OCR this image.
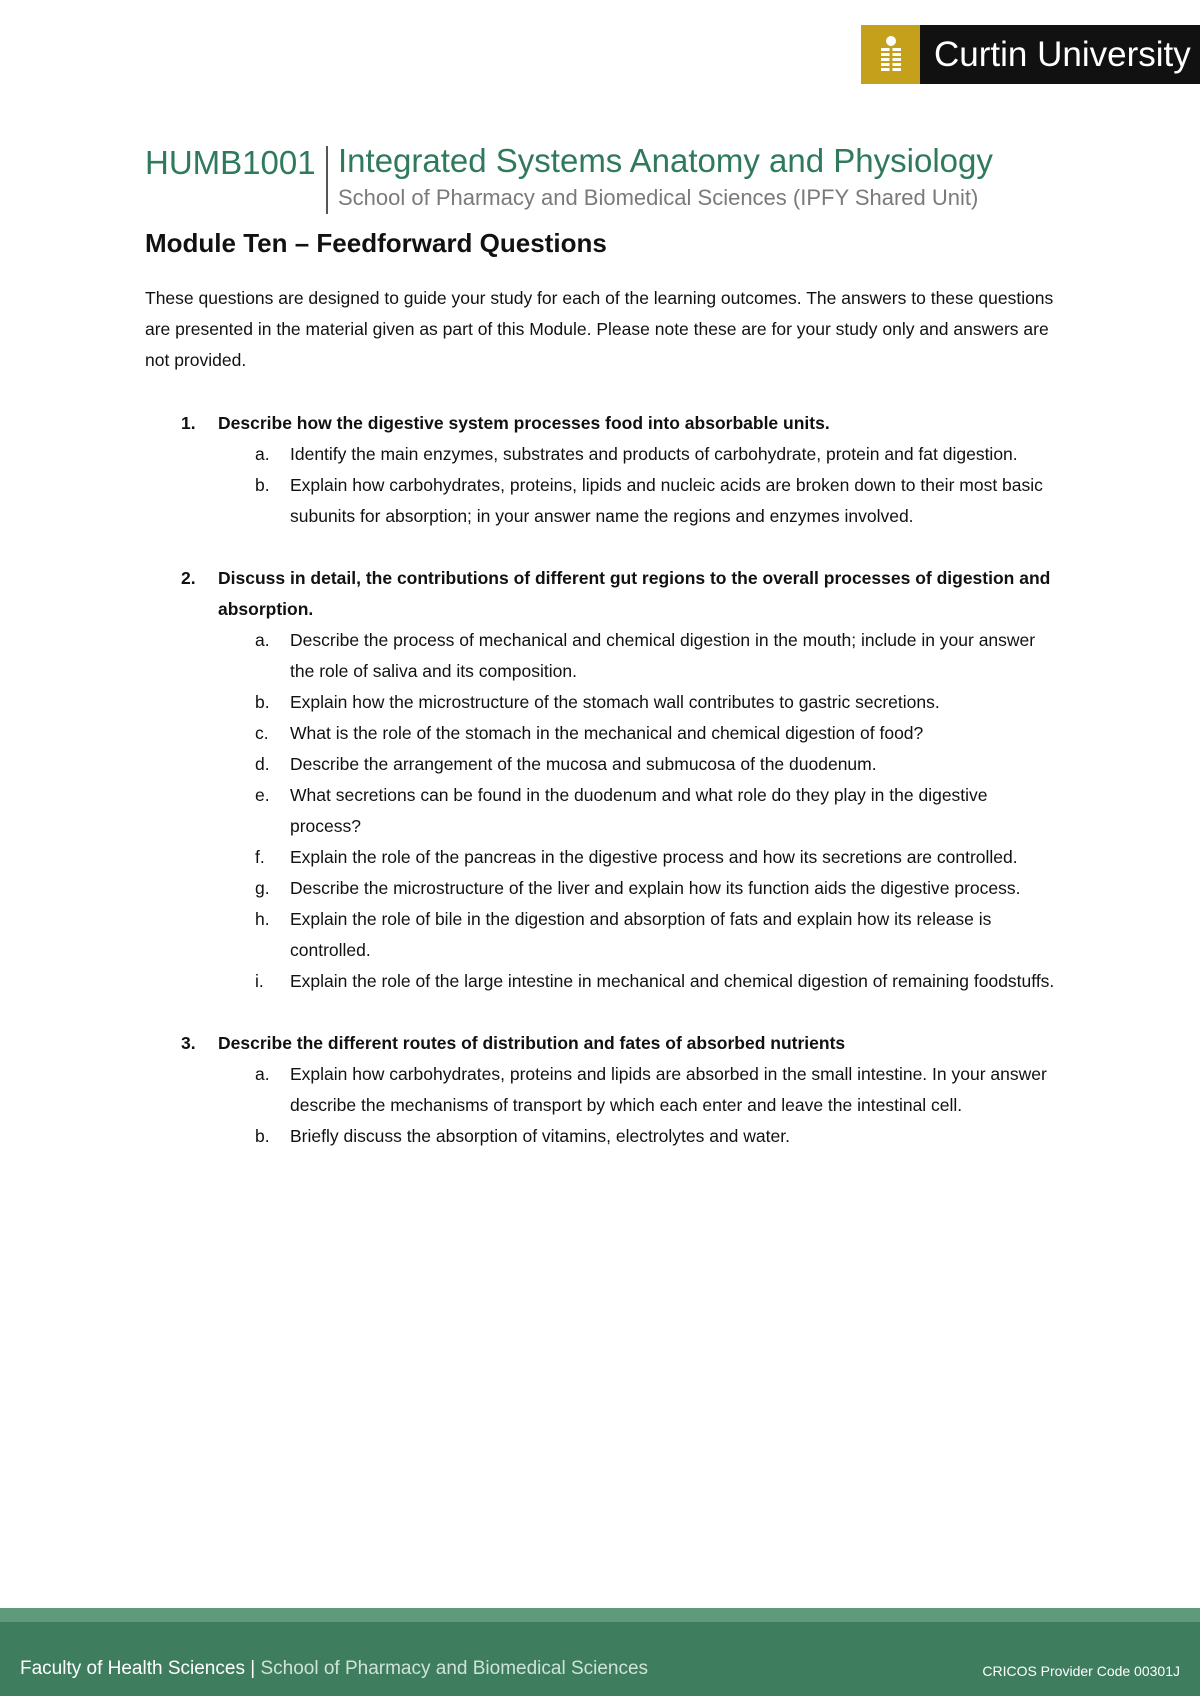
Curtin University
HUMB1001 Integrated Systems Anatomy and Physiology
School of Pharmacy and Biomedical Sciences (IPFY Shared Unit)
Module Ten – Feedforward Questions

These questions are designed to guide your study for each of the learning outcomes. The answers to these questions are presented in the material given as part of this Module. Please note these are for your study only and answers are not provided.

1. Describe how the digestive system processes food into absorbable units.
a. Identify the main enzymes, substrates and products of carbohydrate, protein and fat digestion.
b. Explain how carbohydrates, proteins, lipids and nucleic acids are broken down to their most basic subunits for absorption; in your answer name the regions and enzymes involved.
2. Discuss in detail, the contributions of different gut regions to the overall processes of digestion and absorption.
a. Describe the process of mechanical and chemical digestion in the mouth; include in your answer the role of saliva and its composition.
b. Explain how the microstructure of the stomach wall contributes to gastric secretions.
c. What is the role of the stomach in the mechanical and chemical digestion of food?
d. Describe the arrangement of the mucosa and submucosa of the duodenum.
e. What secretions can be found in the duodenum and what role do they play in the digestive process?
f. Explain the role of the pancreas in the digestive process and how its secretions are controlled.
g. Describe the microstructure of the liver and explain how its function aids the digestive process.
h. Explain the role of bile in the digestion and absorption of fats and explain how its release is controlled.
i. Explain the role of the large intestine in mechanical and chemical digestion of remaining foodstuffs.
3. Describe the different routes of distribution and fates of absorbed nutrients
a. Explain how carbohydrates, proteins and lipids are absorbed in the small intestine. In your answer describe the mechanisms of transport by which each enter and leave the intestinal cell.
b. Briefly discuss the absorption of vitamins, electrolytes and water.
Faculty of Health Sciences | School of Pharmacy and Biomedical Sciences	CRICOS Provider Code 00301J
